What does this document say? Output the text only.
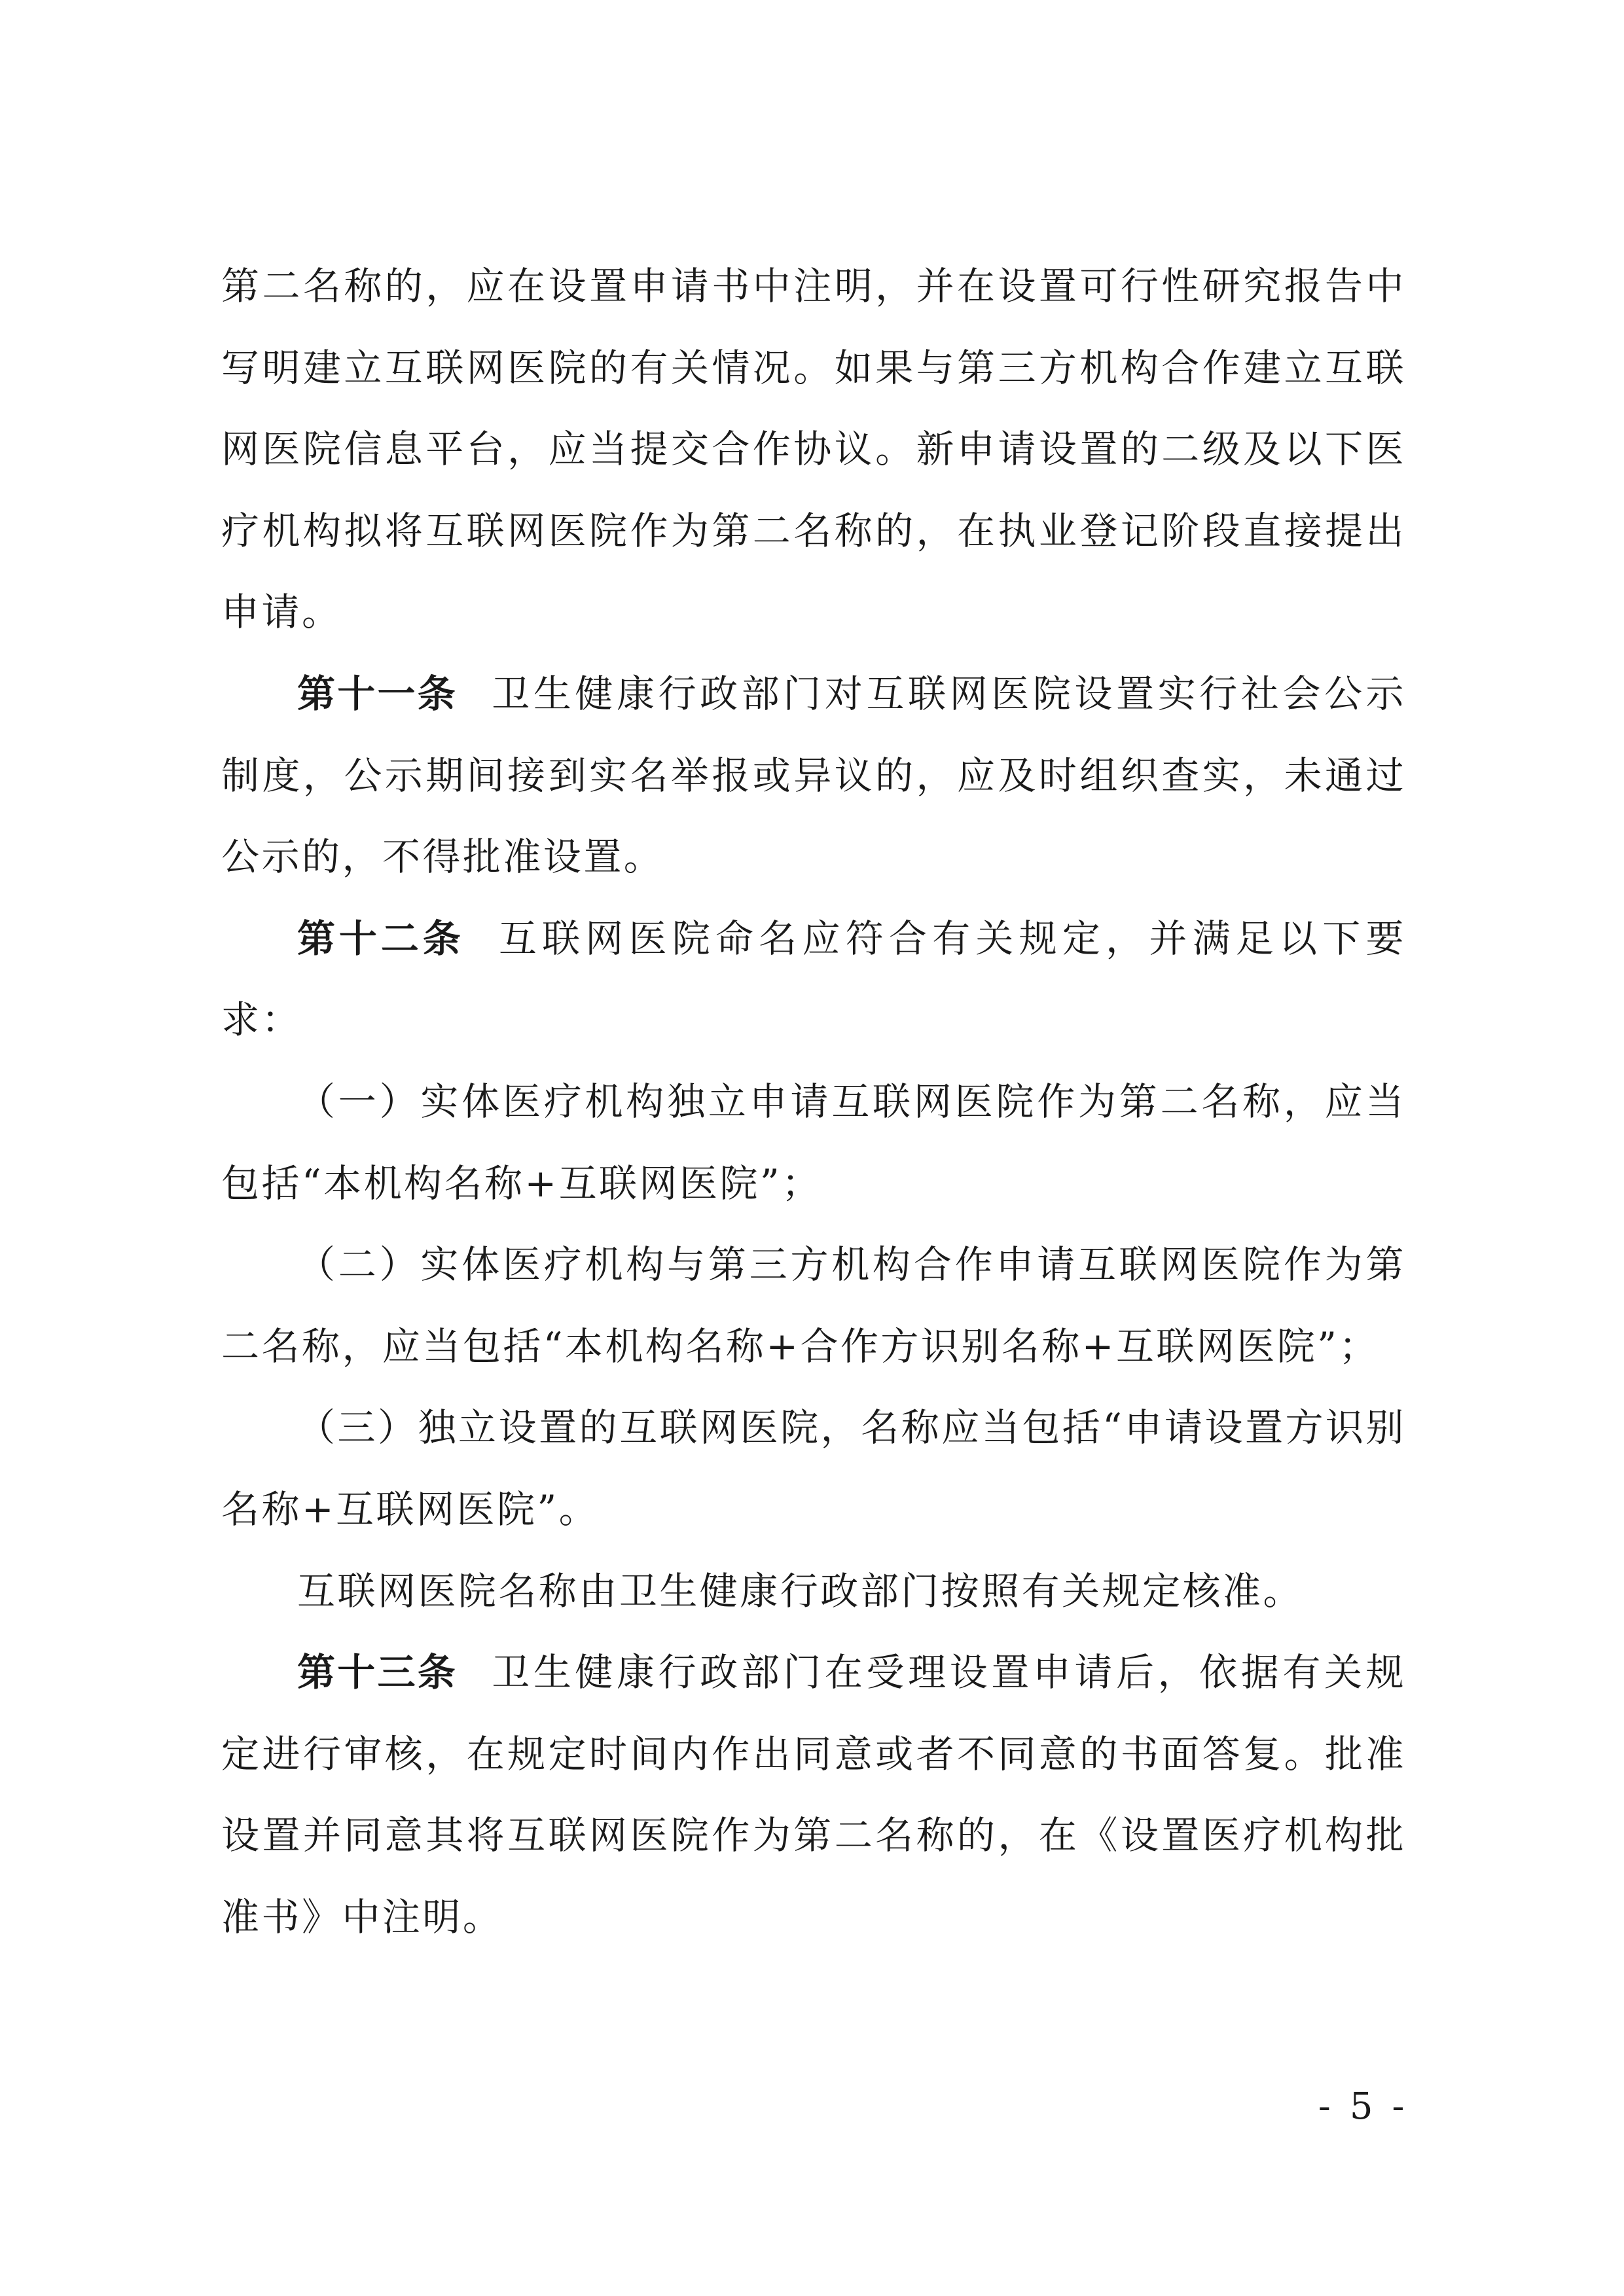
第二名称的，应在设置申请书中注明，并在设置可行性研究报告中写明建立互联网医院的有关情况。如果与第三方机构合作建立互联网医院信息平台，应当提交合作协议。新申请设置的二级及以下医疗机构拟将互联网医院作为第二名称的，在执业登记阶段直接提出申请。

第十一条 卫生健康行政部门对互联网医院设置实行社会公示制度，公示期间接到实名举报或异议的，应及时组织查实，未通过公示的，不得批准设置。

第十二条 互联网医院命名应符合有关规定，并满足以下要求：

（一）实体医疗机构独立申请互联网医院作为第二名称，应当包括“本机构名称+互联网医院”；

（二）实体医疗机构与第三方机构合作申请互联网医院作为第二名称，应当包括“本机构名称+合作方识别名称+互联网医院”；

（三）独立设置的互联网医院，名称应当包括“申请设置方识别名称+互联网医院”。

互联网医院名称由卫生健康行政部门按照有关规定核准。

第十三条 卫生健康行政部门在受理设置申请后，依据有关规定进行审核，在规定时间内作出同意或者不同意的书面答复。批准设置并同意其将互联网医院作为第二名称的，在《设置医疗机构批准书》中注明。

- 5 -
